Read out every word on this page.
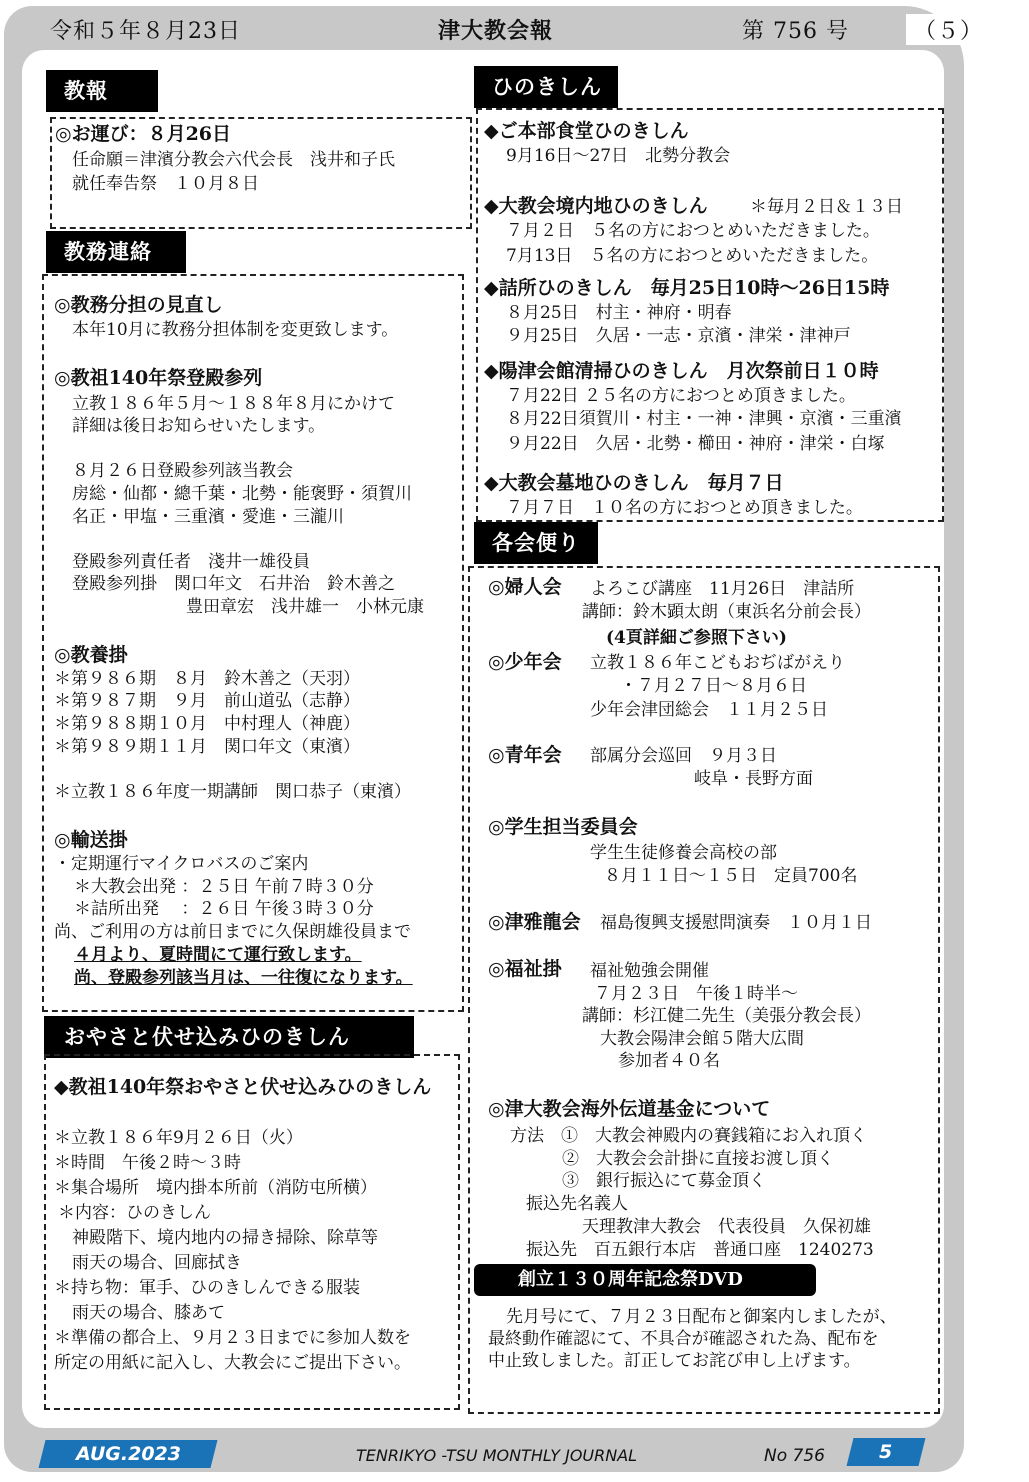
令和５年８月23日	津大教会報	第 756 号	（５）
教報
◎お運び：８月26日
任命願＝津濱分教会六代会長　浅井和子氏
就任奉告祭　１０月８日
教務連絡
◎教務分担の見直し
本年10月に教務分担体制を変更致します。
◎教祖140年祭登殿参列
立教１８６年５月～１８８年８月にかけて
詳細は後日お知らせいたします。
８月２６日登殿参列該当教会
房総・仙都・總千葉・北勢・能褒野・須賀川
名正・甲塩・三重濱・愛進・三瀧川
登殿参列責任者　淺井一雄役員
登殿参列掛　関口年文　石井治　鈴木善之
豊田章宏　浅井雄一　小林元康
◎教養掛
＊第９８６期　８月　鈴木善之（天羽）
＊第９８７期　９月　前山道弘（志静）
＊第９８８期１０月　中村理人（神鹿）
＊第９８９期１１月　関口年文（東濱）
＊立教１８６年度一期講師　関口恭子（東濱）
◎輸送掛
・定期運行マイクロバスのご案内
＊大教会出発 ：２５日 午前７時３０分
＊詰所出発　 ：２６日 午後３時３０分
尚、ご利用の方は前日までに久保朗雄役員まで
４月より、夏時間にて運行致します。
尚、登殿参列該当月は、一往復になります。
おやさと伏せ込みひのきしん
◆教祖140年祭おやさと伏せ込みひのきしん
＊立教１８６年9月２６日（火）
＊時間　午後２時～３時
＊集合場所　境内掛本所前（消防屯所横）
＊内容：ひのきしん
神殿階下、境内地内の掃き掃除、除草等
雨天の場合、回廊拭き
＊持ち物：軍手、ひのきしんできる服装
雨天の場合、膝あて
＊準備の都合上、９月２３日までに参加人数を
所定の用紙に記入し、大教会にご提出下さい。
ひのきしん
◆ご本部食堂ひのきしん
9月16日～27日　北勢分教会
◆大教会境内地ひのきしん ＊毎月２日＆１３日
７月２日　５名の方におつとめいただきました。
7月13日　５名の方におつとめいただきました。
◆詰所ひのきしん　毎月25日10時～26日15時
８月25日　村主・神府・明春
９月25日　久居・一志・京濱・津栄・津神戸
◆陽津会館清掃ひのきしん　月次祭前日１０時
７月22日 ２５名の方におつとめ頂きました。
８月22日須賀川・村主・一神・津興・京濱・三重濱
９月22日　久居・北勢・櫛田・神府・津栄・白塚
◆大教会墓地ひのきしん　毎月７日
７月７日　１０名の方におつとめ頂きました。
各会便り
◎婦人会 よろこび講座　11月26日　津詰所
講師：鈴木顕太朗（東浜名分前会長）
(4頁詳細ご参照下さい)
◎少年会 立教１８６年こどもおぢばがえり
・７月２７日～８月６日
少年会津団総会　１１月２５日
◎青年会 部属分会巡回　９月３日
岐阜・長野方面
◎学生担当委員会
学生生徒修養会高校の部
８月１１日～１５日　定員700名
◎津雅龍会 福島復興支援慰問演奏　１０月１日
◎福祉掛 福祉勉強会開催
７月２３日　午後１時半～
講師：杉江健二先生（美張分教会長）
大教会陽津会館５階大広間
参加者４０名
◎津大教会海外伝道基金について
方法　①　大教会神殿内の賽銭箱にお入れ頂く
②　大教会会計掛に直接お渡し頂く
③　銀行振込にて募金頂く
振込先名義人
天理教津大教会　代表役員　久保初雄
振込先　百五銀行本店　普通口座　1240273
創立１３０周年記念祭DVD
先月号にて、７月２３日配布と御案内しましたが、
最終動作確認にて、不具合が確認された為、配布を
中止致しました。訂正してお詫び申し上げます。
AUG.2023	TENRIKYO -TSU MONTHLY JOURNAL	No 756	5
